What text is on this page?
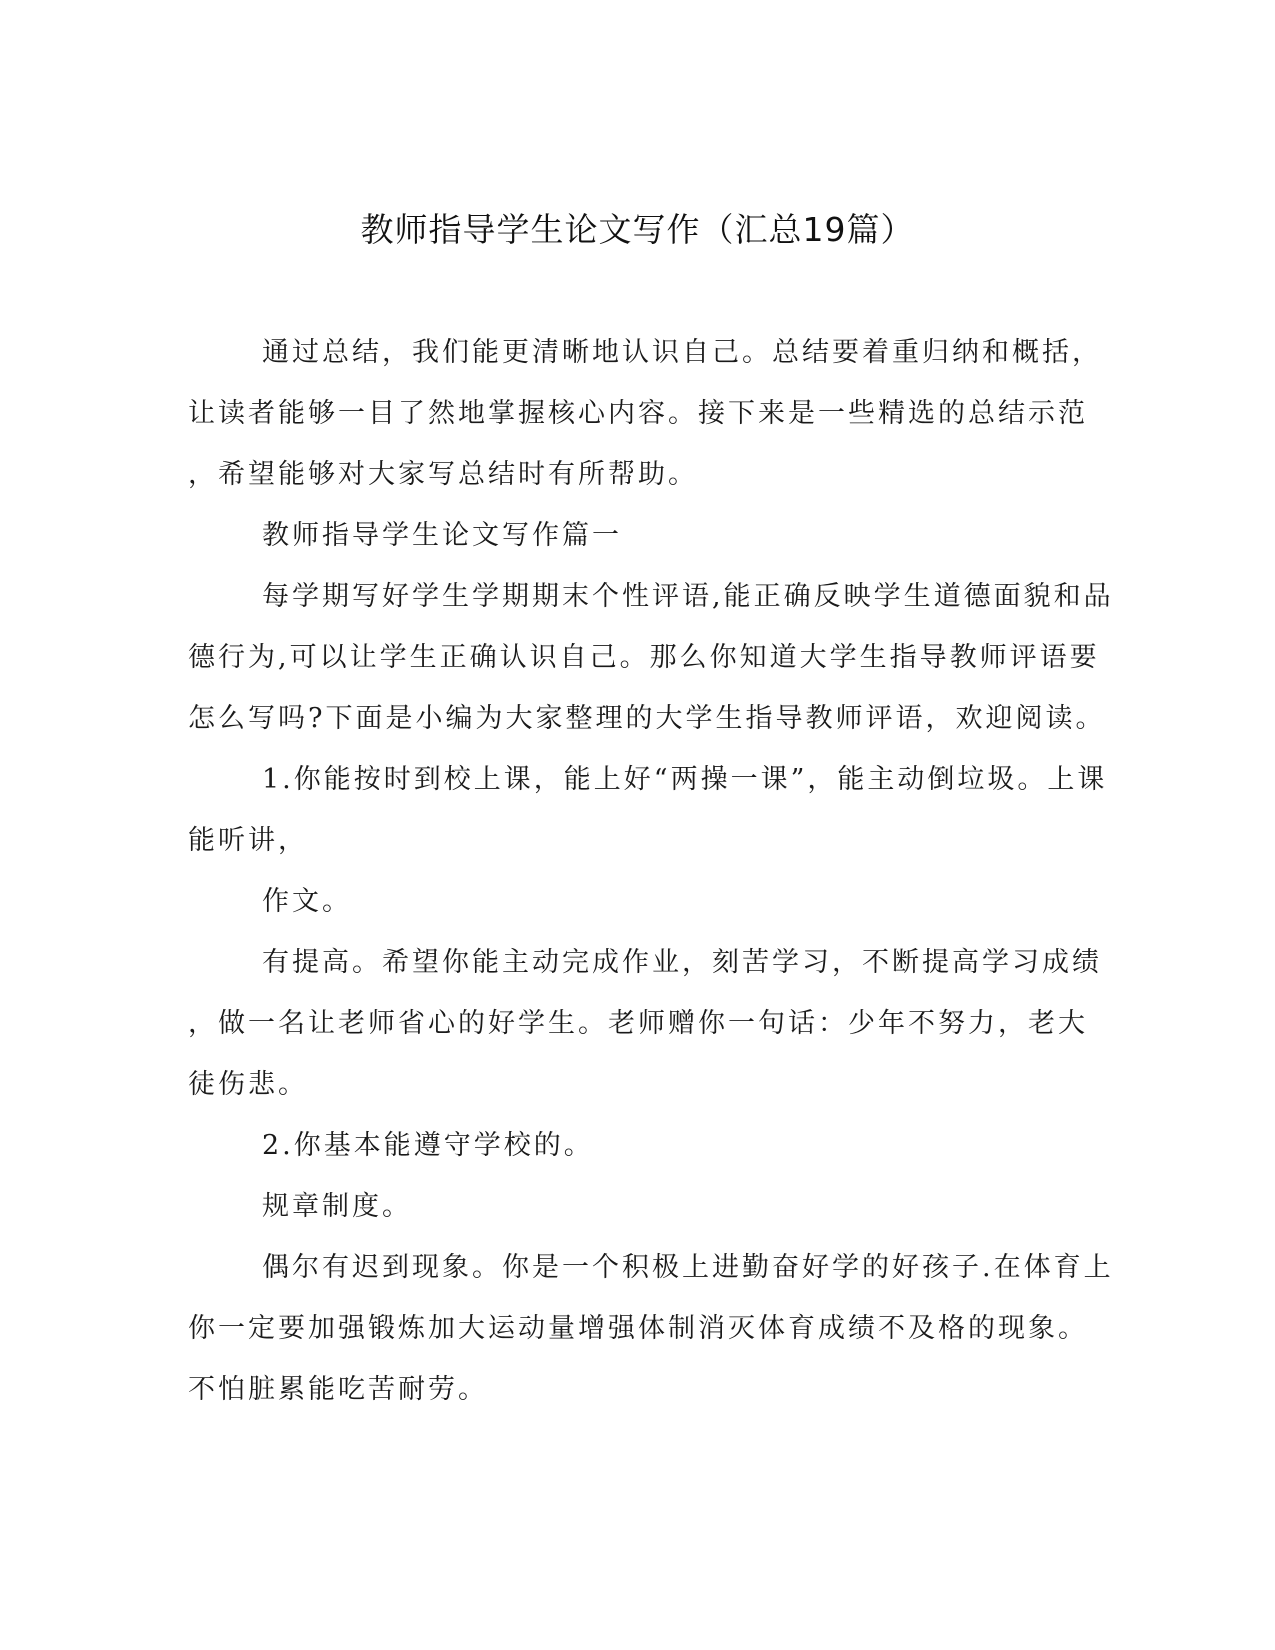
教师指导学生论文写作（汇总19篇）
通过总结，我们能更清晰地认识自己。总结要着重归纳和概括，
让读者能够一目了然地掌握核心内容。接下来是一些精选的总结示范
，希望能够对大家写总结时有所帮助。
教师指导学生论文写作篇一
每学期写好学生学期期末个性评语,能正确反映学生道德面貌和品
德行为,可以让学生正确认识自己。那么你知道大学生指导教师评语要
怎么写吗?下面是小编为大家整理的大学生指导教师评语，欢迎阅读。
1.你能按时到校上课，能上好“两操一课”，能主动倒垃圾。上课
能听讲，
作文。
有提高。希望你能主动完成作业，刻苦学习，不断提高学习成绩
，做一名让老师省心的好学生。老师赠你一句话：少年不努力，老大
徒伤悲。
2.你基本能遵守学校的。
规章制度。
偶尔有迟到现象。你是一个积极上进勤奋好学的好孩子.在体育上
你一定要加强锻炼加大运动量增强体制消灭体育成绩不及格的现象。
不怕脏累能吃苦耐劳。
